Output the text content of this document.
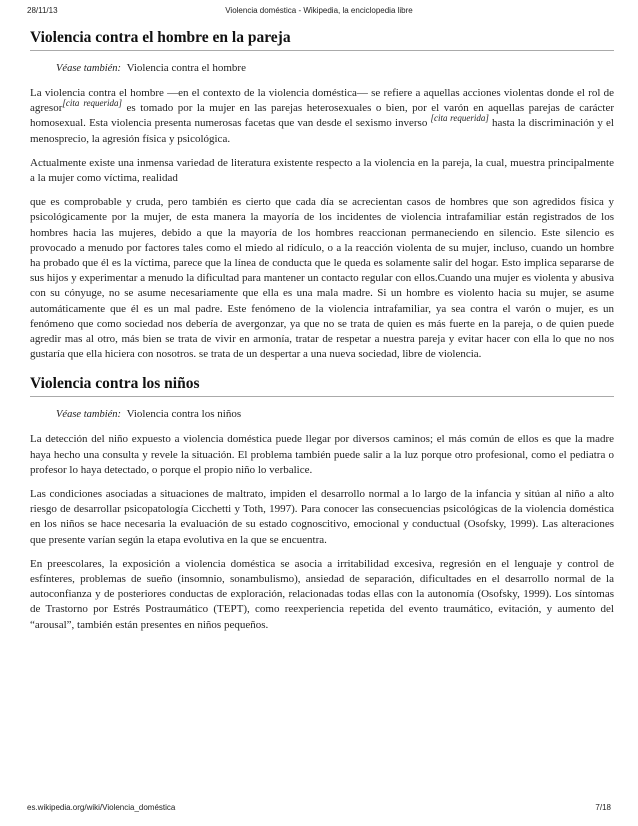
28/11/13	Violencia doméstica - Wikipedia, la enciclopedia libre
Violencia contra el hombre en la pareja
Véase también: Violencia contra el hombre

La violencia contra el hombre —en el contexto de la violencia doméstica— se refiere a aquellas acciones violentas donde el rol de agresor[cita requerida] es tomado por la mujer en las parejas heterosexuales o bien, por el varón en aquellas parejas de carácter homosexual. Esta violencia presenta numerosas facetas que van desde el sexismo inverso [cita requerida] hasta la discriminación y el menosprecio, la agresión física y psicológica.

Actualmente existe una inmensa variedad de literatura existente respecto a la violencia en la pareja, la cual, muestra principalmente a la mujer como víctima, realidad

que es comprobable y cruda, pero también es cierto que cada día se acrecientan casos de hombres que son agredidos física y psicológicamente por la mujer, de esta manera la mayoría de los incidentes de violencia intrafamiliar están registrados de los hombres hacia las mujeres, debido a que la mayoría de los hombres reaccionan permaneciendo en silencio. Este silencio es provocado a menudo por factores tales como el miedo al ridículo, o a la reacción violenta de su mujer, incluso, cuando un hombre ha probado que él es la víctima, parece que la línea de conducta que le queda es solamente salir del hogar. Esto implica separarse de sus hijos y experimentar a menudo la dificultad para mantener un contacto regular con ellos.Cuando una mujer es violenta y abusiva con su cónyuge, no se asume necesariamente que ella es una mala madre. Si un hombre es violento hacia su mujer, se asume automáticamente que él es un mal padre. Este fenómeno de la violencia intrafamiliar, ya sea contra el varón o mujer, es un fenómeno que como sociedad nos debería de avergonzar, ya que no se trata de quien es más fuerte en la pareja, o de quien puede agredir mas al otro, más bien se trata de vivir en armonía, tratar de respetar a nuestra pareja y evitar hacer con ella lo que no nos gustaría que ella hiciera con nosotros. se trata de un despertar a una nueva sociedad, libre de violencia.

Violencia contra los niños
Véase también: Violencia contra los niños

La detección del niño expuesto a violencia doméstica puede llegar por diversos caminos; el más común de ellos es que la madre haya hecho una consulta y revele la situación. El problema también puede salir a la luz porque otro profesional, como el pediatra o profesor lo haya detectado, o porque el propio niño lo verbalice.

Las condiciones asociadas a situaciones de maltrato, impiden el desarrollo normal a lo largo de la infancia y sitúan al niño a alto riesgo de desarrollar psicopatología Cicchetti y Toth, 1997). Para conocer las consecuencias psicológicas de la violencia doméstica en los niños se hace necesaria la evaluación de su estado cognoscitivo, emocional y conductual (Osofsky, 1999). Las alteraciones que presente varían según la etapa evolutiva en la que se encuentra.

En preescolares, la exposición a violencia doméstica se asocia a irritabilidad excesiva, regresión en el lenguaje y control de esfínteres, problemas de sueño (insomnio, sonambulismo), ansiedad de separación, dificultades en el desarrollo normal de la autoconfianza y de posteriores conductas de exploración, relacionadas todas ellas con la autonomía (Osofsky, 1999). Los síntomas de Trastorno por Estrés Postraumático (TEPT), como reexperiencia repetida del evento traumático, evitación, y aumento del “arousal”, también están presentes en niños pequeños.

es.wikipedia.org/wiki/Violencia_doméstica	7/18
